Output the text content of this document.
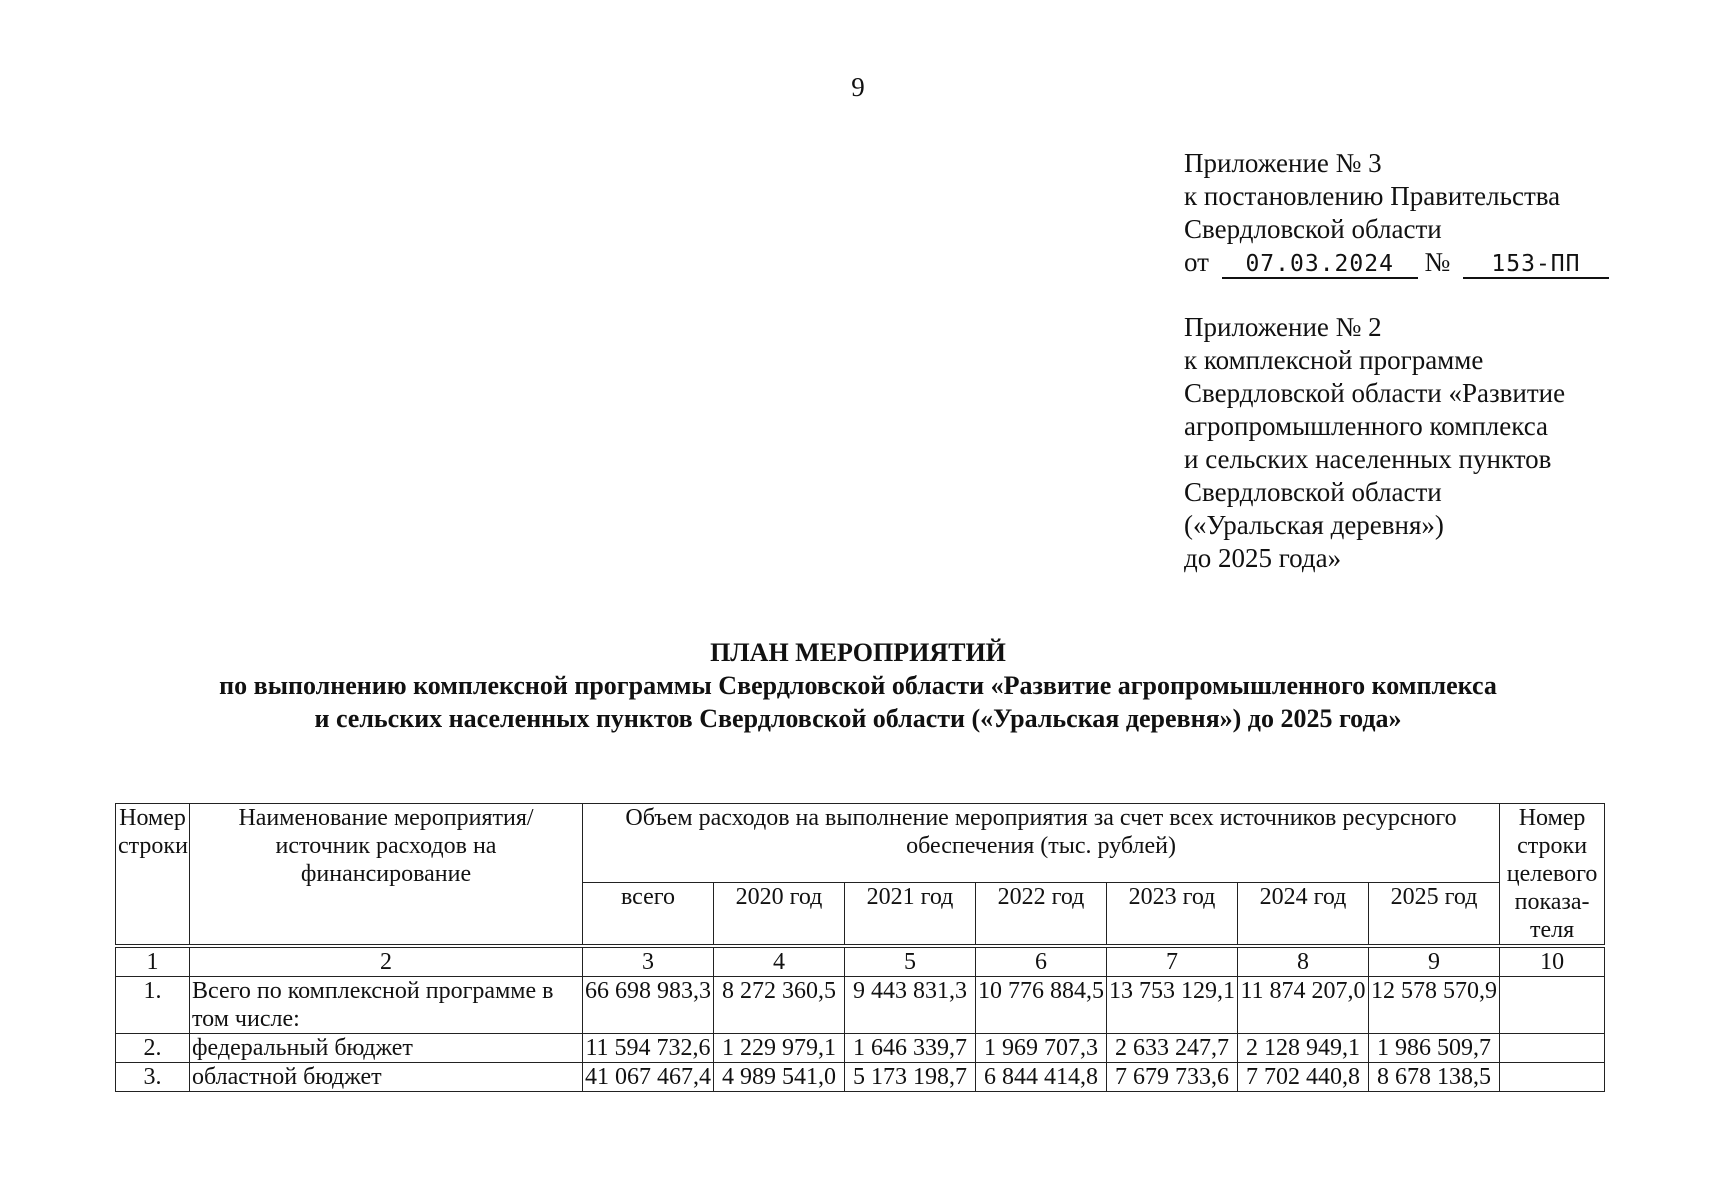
9
Приложение № 3
к постановлению Правительства
Свердловской области
от 07.03.2024 № 153-ПП
Приложение № 2
к комплексной программе
Свердловской области «Развитие
агропромышленного комплекса
и сельских населенных пунктов
Свердловской области
(«Уральская деревня»)
до 2025 года»
ПЛАН МЕРОПРИЯТИЙ
по выполнению комплексной программы Свердловской области «Развитие агропромышленного комплекса
и сельских населенных пунктов Свердловской области («Уральская деревня») до 2025 года»
Номер строки	Наименование мероприятия/источник расходов на финансирование	Объем расходов на выполнение мероприятия за счет всех источников ресурсного обеспечения (тыс. рублей)							Номер строки целевого показа-теля
		всего	2020 год	2021 год	2022 год	2023 год	2024 год	2025 год	
1	2	3	4	5	6	7	8	9	10
1.	Всего по комплексной программе в том числе:	66 698 983,3	8 272 360,5	9 443 831,3	10 776 884,5	13 753 129,1	11 874 207,0	12 578 570,9	
2.	федеральный бюджет	11 594 732,6	1 229 979,1	1 646 339,7	1 969 707,3	2 633 247,7	2 128 949,1	1 986 509,7	
3.	областной бюджет	41 067 467,4	4 989 541,0	5 173 198,7	6 844 414,8	7 679 733,6	7 702 440,8	8 678 138,5	
